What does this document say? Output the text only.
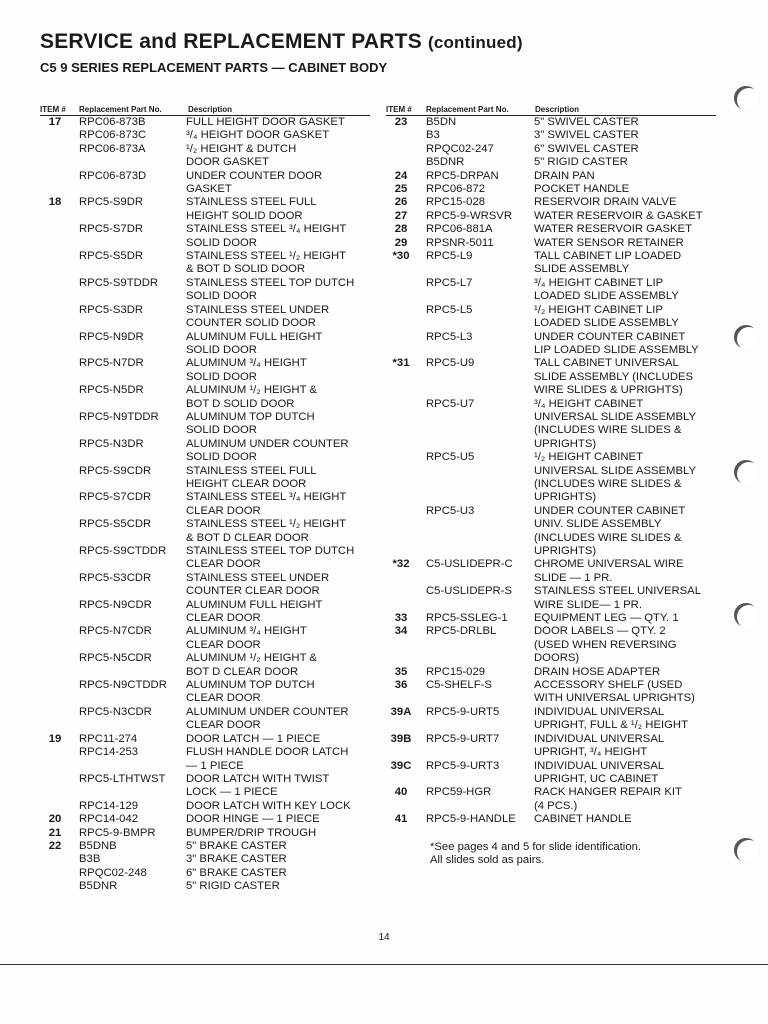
SERVICE and REPLACEMENT PARTS (continued)
C5 9 SERIES REPLACEMENT PARTS — CABINET BODY
ITEM # Replacement Part No.	Description
17	RPC06-873B	FULL HEIGHT DOOR GASKET
RPC06-873C	³/₄ HEIGHT DOOR GASKET
RPC06-873A	¹/₂ HEIGHT & DUTCH
DOOR GASKET
RPC06-873D	UNDER COUNTER DOOR
GASKET
18	RPC5-S9DR	STAINLESS STEEL FULL
HEIGHT SOLID DOOR
RPC5-S7DR	STAINLESS STEEL ³/₄ HEIGHT
SOLID DOOR
RPC5-S5DR	STAINLESS STEEL ¹/₂ HEIGHT
& BOT D SOLID DOOR
RPC5-S9TDDR STAINLESS STEEL TOP DUTCH
SOLID DOOR
RPC5-S3DR	STAINLESS STEEL UNDER
COUNTER SOLID DOOR
RPC5-N9DR	ALUMINUM FULL HEIGHT
SOLID DOOR
RPC5-N7DR	ALUMINUM ³/₄ HEIGHT
SOLID DOOR
RPC5-N5DR	ALUMINUM ¹/₂ HEIGHT &
BOT D SOLID DOOR
RPC5-N9TDDR ALUMINUM TOP DUTCH
SOLID DOOR
RPC5-N3DR	ALUMINUM UNDER COUNTER
SOLID DOOR
RPC5-S9CDR	STAINLESS STEEL FULL
HEIGHT CLEAR DOOR
RPC5-S7CDR	STAINLESS STEEL ³/₄ HEIGHT
CLEAR DOOR
RPC5-S5CDR	STAINLESS STEEL ¹/₂ HEIGHT
& BOT D CLEAR DOOR
RPC5-S9CTDDR STAINLESS STEEL TOP DUTCH
CLEAR DOOR
RPC5-S3CDR	STAINLESS STEEL UNDER
COUNTER CLEAR DOOR
RPC5-N9CDR	ALUMINUM FULL HEIGHT
CLEAR DOOR
RPC5-N7CDR	ALUMINUM ³/₄ HEIGHT
CLEAR DOOR
RPC5-N5CDR	ALUMINUM ¹/₂ HEIGHT &
BOT D CLEAR DOOR
RPC5-N9CTDDR ALUMINUM TOP DUTCH
CLEAR DOOR
RPC5-N3CDR	ALUMINUM UNDER COUNTER
CLEAR DOOR
19	RPC11-274	DOOR LATCH — 1 PIECE
RPC14-253	FLUSH HANDLE DOOR LATCH
— 1 PIECE
RPC5-LTHTWST DOOR LATCH WITH TWIST
LOCK — 1 PIECE
RPC14-129	DOOR LATCH WITH KEY LOCK
20	RPC14-042	DOOR HINGE — 1 PIECE
21	RPC5-9-BMPR	BUMPER/DRIP TROUGH
22	B5DNB	5" BRAKE CASTER
B3B	3" BRAKE CASTER
RPQC02-248	6" BRAKE CASTER
B5DNR	5" RIGID CASTER
ITEM # Replacement Part No.	Description
23	B5DN	5" SWIVEL CASTER
B3	3" SWIVEL CASTER
RPQC02-247	6" SWIVEL CASTER
B5DNR	5" RIGID CASTER
24	RPC5-DRPAN	DRAIN PAN
25	RPC06-872	POCKET HANDLE
26	RPC15-028	RESERVOIR DRAIN VALVE
27	RPC5-9-WRSVR WATER RESERVOIR & GASKET
28	RPC06-881A	WATER RESERVOIR GASKET
29	RPSNR-5011	WATER SENSOR RETAINER
*30	RPC5-L9	TALL CABINET LIP LOADED
SLIDE ASSEMBLY
RPC5-L7	³/₄ HEIGHT CABINET LIP
LOADED SLIDE ASSEMBLY
RPC5-L5	¹/₂ HEIGHT CABINET LIP
LOADED SLIDE ASSEMBLY
RPC5-L3	UNDER COUNTER CABINET
LIP LOADED SLIDE ASSEMBLY
*31	RPC5-U9	TALL CABINET UNIVERSAL
SLIDE ASSEMBLY (INCLUDES
WIRE SLIDES & UPRIGHTS)
RPC5-U7	³/₄ HEIGHT CABINET
UNIVERSAL SLIDE ASSEMBLY
(INCLUDES WIRE SLIDES &
UPRIGHTS)
RPC5-U5	¹/₂ HEIGHT CABINET
UNIVERSAL SLIDE ASSEMBLY
(INCLUDES WIRE SLIDES &
UPRIGHTS)
RPC5-U3	UNDER COUNTER CABINET
UNIV. SLIDE ASSEMBLY
(INCLUDES WIRE SLIDES &
UPRIGHTS)
*32	C5-USLIDEPR-C CHROME UNIVERSAL WIRE
SLIDE — 1 PR.
C5-USLIDEPR-S STAINLESS STEEL UNIVERSAL
WIRE SLIDE— 1 PR.
33	RPC5-SSLEG-1 EQUIPMENT LEG — QTY. 1
34	RPC5-DRLBL	DOOR LABELS — QTY. 2
(USED WHEN REVERSING
DOORS)
35	RPC15-029	DRAIN HOSE ADAPTER
36	C5-SHELF-S	ACCESSORY SHELF (USED
WITH UNIVERSAL UPRIGHTS)
39A	RPC5-9-URT5	INDIVIDUAL UNIVERSAL
UPRIGHT, FULL & ¹/₂ HEIGHT
39B	RPC5-9-URT7	INDIVIDUAL UNIVERSAL
UPRIGHT, ³/₄ HEIGHT
39C	RPC5-9-URT3	INDIVIDUAL UNIVERSAL
UPRIGHT, UC CABINET
40	RPC59-HGR	RACK HANGER REPAIR KIT
(4 PCS.)
41	RPC5-9-HANDLE CABINET HANDLE
*See pages 4 and 5 for slide identification.
All slides sold as pairs.
14
